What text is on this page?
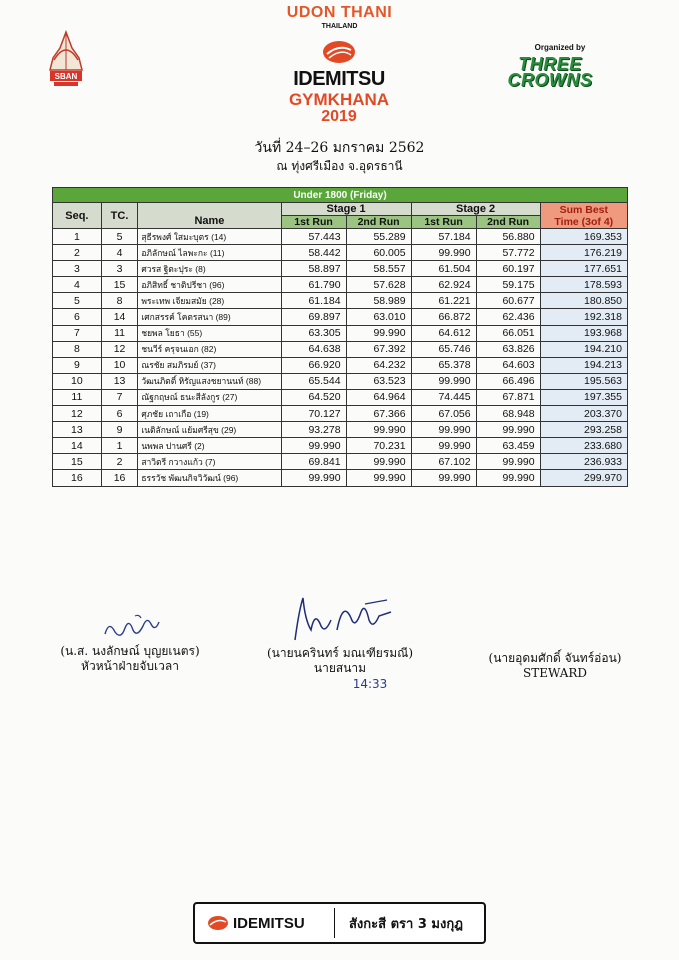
UDON THANI
THAILAND
SBAN	IDEMITSU
GYMKHANA
2019
Organized by
THREE
CROWNS
วันที่ 24–26 มกราคม 2562
ณ ทุ่งศรีเมือง จ.อุดรธานี
Under 1800 (Friday)							
Seq.	TC.	Name	Stage 1		Stage 2		Sum Best
Time (3of 4)

			1st Run	2nd Run	1st Run	2nd Run	
1	5	สุธีรพงศ์ ใสมะบุตร (14)	57.443	55.289	57.184	56.880	169.353
2	4	อภิลักษณ์ ไลพะกะ (11)	58.442	60.005	99.990	57.772	176.219
3	3	ศวรส ฐิตะปุระ (8)	58.897	58.557	61.504	60.197	177.651
4	15	อภิสิทธิ์ ชาติปรีชา (96)	61.790	57.628	62.924	59.175	178.593
5	8	พระเทพ เจียมสมัย (28)	61.184	58.989	61.221	60.677	180.850
6	14	เศกสรรค์ โคตรสนา (89)	69.897	63.010	66.872	62.436	192.318
7	11	ชยพล โยธา (55)	63.305	99.990	64.612	66.051	193.968
8	12	ชนวีร์ ครุจนเอก (82)	64.638	67.392	65.746	63.826	194.210
9	10	ณรชัย สมภิรมย์ (37)	66.920	64.232	65.378	64.603	194.213
10	13	วัฒนภิตติ์ หิรัญแสงชยานนท์ (88)	65.544	63.523	99.990	66.496	195.563
11	7	ณัฐกฤษณ์ ธนะสีลังกูร (27)	64.520	64.964	74.445	67.871	197.355
12	6	ศุภชัย เถาเกือ (19)	70.127	67.366	67.056	68.948	203.370
13	9	เนติลักษณ์ แย้มศรีสุข (29)	93.278	99.990	99.990	99.990	293.258
14	1	นพพล ปานศรี (2)	99.990	70.231	99.990	63.459	233.680
15	2	สาวิตรี กวางแก้ว (7)	69.841	99.990	67.102	99.990	236.933
16	16	ธรรวัช พัฒนกิจวิวัฒน์ (96)	99.990	99.990	99.990	99.990	299.970
(น.ส. นงลักษณ์ บุญยเนตร)
หัวหน้าฝ่ายจับเวลา
(นายนครินทร์ มณเฑียรมณี)
นายสนาม
14:33
(นายอุดมศักดิ์ จันทร์อ่อน)
STEWARD
IDEMITSU	สังกะสี ตรา 3 มงกุฎ
